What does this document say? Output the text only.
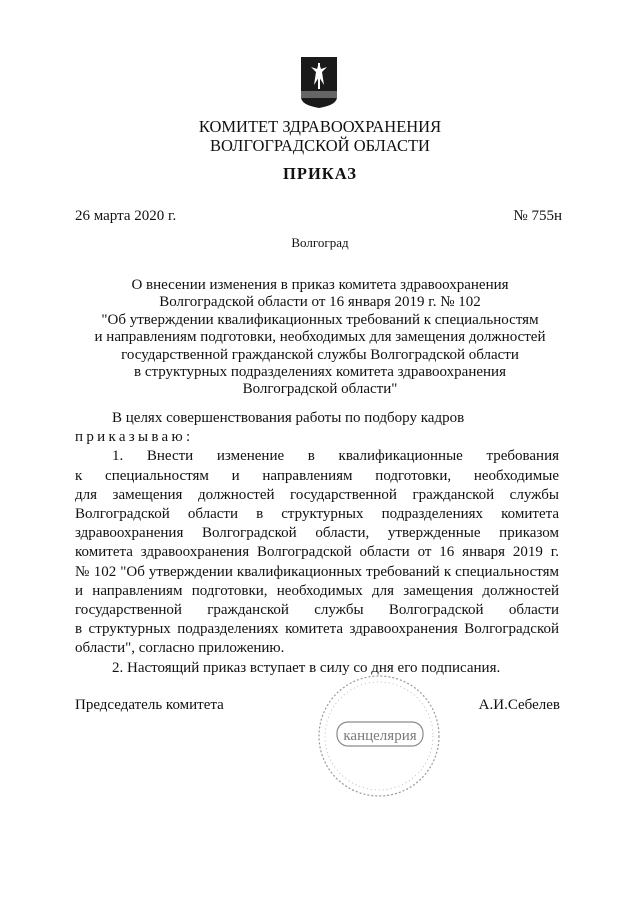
КОМИТЕТ ЗДРАВООХРАНЕНИЯ
ВОЛГОГРАДСКОЙ ОБЛАСТИ
ПРИКАЗ
26 марта 2020 г.	№ 755н
Волгоград
О внесении изменения в приказ комитета здравоохранения
Волгоградской области от 16 января 2019 г. № 102
"Об утверждении квалификационных требований к специальностям
и направлениям подготовки, необходимых для замещения должностей
государственной гражданской службы Волгоградской области
в структурных подразделениях комитета здравоохранения
Волгоградской области"

В целях совершенствования работы по подбору кадров

приказываю:

1. Внести изменение в квалификационные требования
к специальностям и направлениям подготовки, необходимые
для замещения должностей государственной гражданской службы
Волгоградской области в структурных подразделениях комитета
здравоохранения Волгоградской области, утвержденные приказом
комитета здравоохранения Волгоградской области от 16 января 2019 г.
№ 102 "Об утверждении квалификационных требований к специальностям
и направлениям подготовки, необходимых для замещения должностей
государственной гражданской службы Волгоградской области
в структурных подразделениях комитета здравоохранения Волгоградской
области", согласно приложению.

2. Настоящий приказ вступает в силу со дня его подписания.

Председатель комитета	А.И.Себелев
канцелярия
